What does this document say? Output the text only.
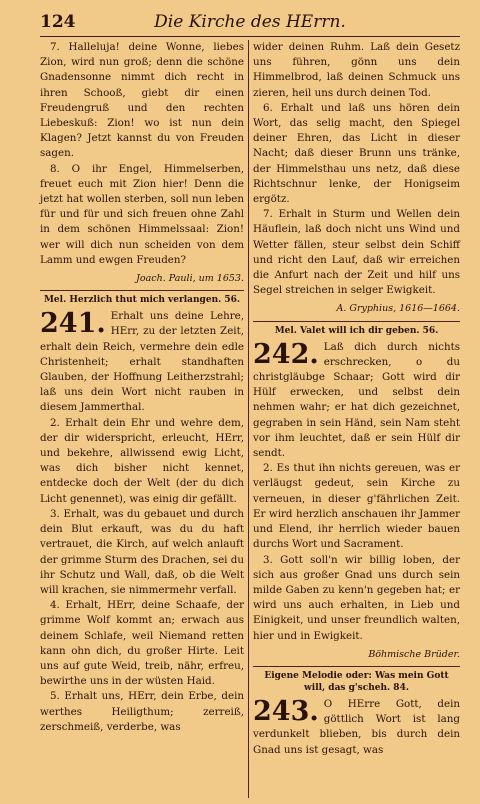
124	Die Kirche des HErrn.

7. Halleluja! deine Wonne, liebes Zion, wird nun groß; denn die schöne Gnadensonne nimmt dich recht in ihren Schooß, giebt dir einen Freudengruß und den rechten Liebeskuß: Zion! wo ist nun dein Klagen? Jetzt kannst du von Freuden sagen.

8. O ihr Engel, Himmelserben, freuet euch mit Zion hier! Denn die jetzt hat wollen sterben, soll nun leben für und für und sich freuen ohne Zahl in dem schönen Himmelssaal: Zion! wer will dich nun scheiden von dem Lamm und ewgen Freuden?

Joach. Pauli, um 1653.

Mel. Herzlich thut mich verlangen. 56.

241. Erhalt uns deine Lehre, HErr, zu der letzten Zeit, erhalt dein Reich, vermehre dein edle Christenheit; erhalt standhaften Glauben, der Hoffnung Leitherzstrahl; laß uns dein Wort nicht rauben in diesem Jammerthal.

2. Erhalt dein Ehr und wehre dem, der dir widerspricht, erleucht, HErr, und bekehre, allwissend ewig Licht, was dich bisher nicht kennet, entdecke doch der Welt (der du dich Licht genennet), was einig dir gefällt.

3. Erhalt, was du gebauet und durch dein Blut erkauft, was du du haft vertrauet, die Kirch, auf welch anlauft der grimme Sturm des Drachen, sei du ihr Schutz und Wall, daß, ob die Welt will krachen, sie nimmermehr verfall.

4. Erhalt, HErr, deine Schaafe, der grimme Wolf kommt an; erwach aus deinem Schlafe, weil Niemand retten kann ohn dich, du großer Hirte. Leit uns auf gute Weid, treib, nähr, erfreu, bewirthe uns in der wüsten Haid.

5. Erhalt uns, HErr, dein Erbe, dein werthes Heiligthum; zerreiß, zerschmeiß, verderbe, was

wider deinen Ruhm. Laß dein Gesetz uns führen, gönn uns dein Himmelbrod, laß deinen Schmuck uns zieren, heil uns durch deinen Tod.

6. Erhalt und laß uns hören dein Wort, das selig macht, den Spiegel deiner Ehren, das Licht in dieser Nacht; daß dieser Brunn uns tränke, der Himmelsthau uns netz, daß diese Richtschnur lenke, der Honigseim ergötz.

7. Erhalt in Sturm und Wellen dein Häuflein, laß doch nicht uns Wind und Wetter fällen, steur selbst dein Schiff und richt den Lauf, daß wir erreichen die Anfurt nach der Zeit und hilf uns Segel streichen in selger Ewigkeit.

A. Gryphius, 1616—1664.

Mel. Valet will ich dir geben. 56.

242. Laß dich durch nichts erschrecken, o du christgläubge Schaar; Gott wird dir Hülf erwecken, und selbst dein nehmen wahr; er hat dich gezeichnet, gegraben in sein Händ, sein Nam steht vor ihm leuchtet, daß er sein Hülf dir sendt.

2. Es thut ihn nichts gereuen, was er verläugst gedeut, sein Kirche zu verneuen, in dieser g'fährlichen Zeit. Er wird herzlich anschauen ihr Jammer und Elend, ihr herrlich wieder bauen durchs Wort und Sacrament.

3. Gott soll'n wir billig loben, der sich aus großer Gnad uns durch sein milde Gaben zu kenn'n gegeben hat; er wird uns auch erhalten, in Lieb und Einigkeit, und unser freundlich walten, hier und in Ewigkeit.

Böhmische Brüder.

Eigene Melodie oder: Was mein Gott will, das g'scheh. 84.

243. O HErre Gott, dein göttlich Wort ist lang verdunkelt blieben, bis durch dein Gnad uns ist gesagt, was
